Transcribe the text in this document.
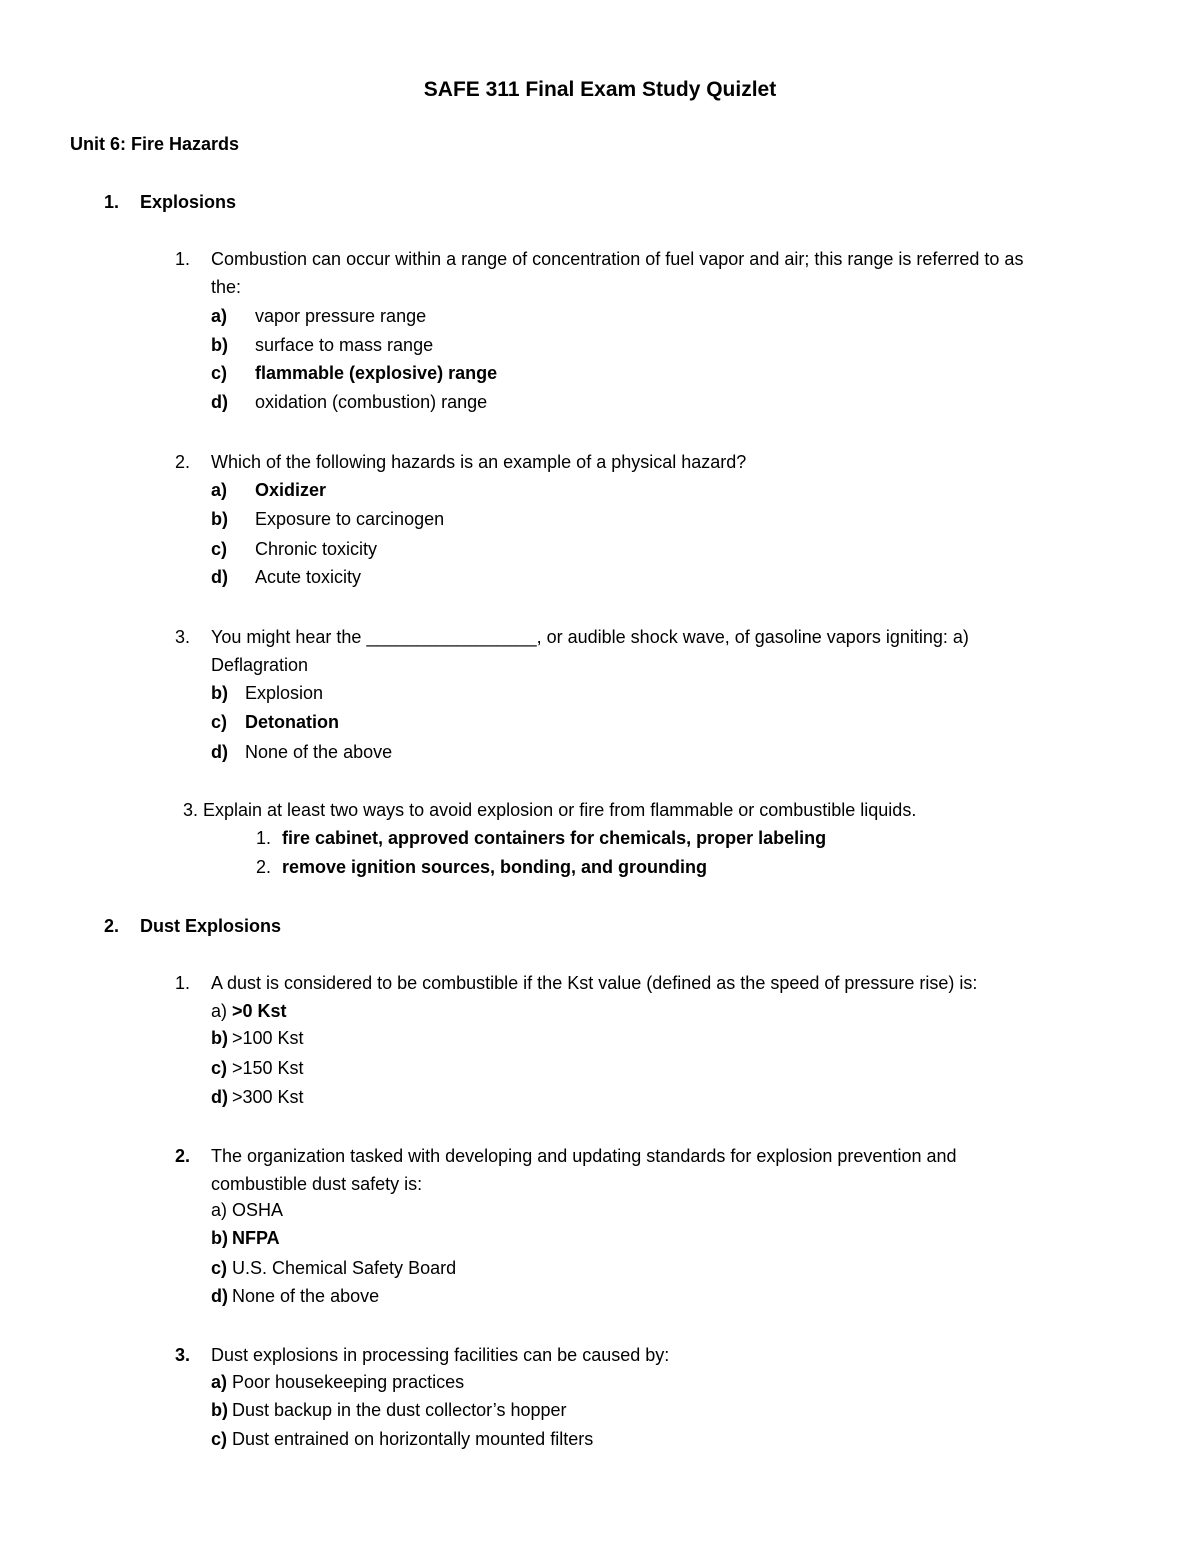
SAFE 311 Final Exam Study Quizlet
Unit 6: Fire Hazards
1. Explosions
1. Combustion can occur within a range of concentration of fuel vapor and air; this range is referred to as
the:
a) vapor pressure range
b) surface to mass range
c) flammable (explosive) range
d) oxidation (combustion) range
2. Which of the following hazards is an example of a physical hazard?
a) Oxidizer
b) Exposure to carcinogen
c) Chronic toxicity
d) Acute toxicity
3. You might hear the _________________, or audible shock wave, of gasoline vapors igniting: a)
Deflagration
b) Explosion
c) Detonation
d) None of the above
3. Explain at least two ways to avoid explosion or fire from flammable or combustible liquids.
1. fire cabinet, approved containers for chemicals, proper labeling
2. remove ignition sources, bonding, and grounding
2. Dust Explosions
1. A dust is considered to be combustible if the Kst value (defined as the speed of pressure rise) is:
a) >0 Kst
b) >100 Kst
c) >150 Kst
d) >300 Kst
2. The organization tasked with developing and updating standards for explosion prevention and
combustible dust safety is:
a) OSHA
b) NFPA
c) U.S. Chemical Safety Board
d) None of the above
3. Dust explosions in processing facilities can be caused by:
a) Poor housekeeping practices
b) Dust backup in the dust collector’s hopper
c) Dust entrained on horizontally mounted filters
